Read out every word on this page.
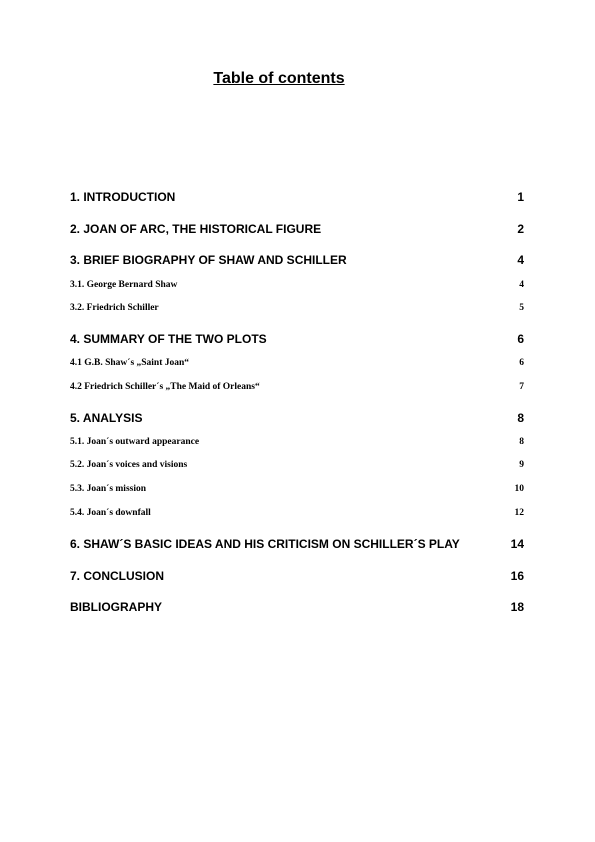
Table of contents
1. INTRODUCTION	1
2. JOAN OF ARC, THE HISTORICAL FIGURE	2
3. BRIEF BIOGRAPHY OF SHAW AND SCHILLER	4
3.1. George Bernard Shaw	4
3.2. Friedrich Schiller	5
4. SUMMARY OF THE TWO PLOTS	6
4.1 G.B. Shaw´s „Saint Joan“	6
4.2 Friedrich Schiller´s „The Maid of Orleans“	7
5. ANALYSIS	8
5.1. Joan´s outward appearance	8
5.2. Joan´s voices and visions	9
5.3. Joan´s mission	10
5.4. Joan´s downfall	12
6. SHAW´S BASIC IDEAS AND HIS CRITICISM ON SCHILLER´S PLAY	14
7. CONCLUSION	16
BIBLIOGRAPHY	18
